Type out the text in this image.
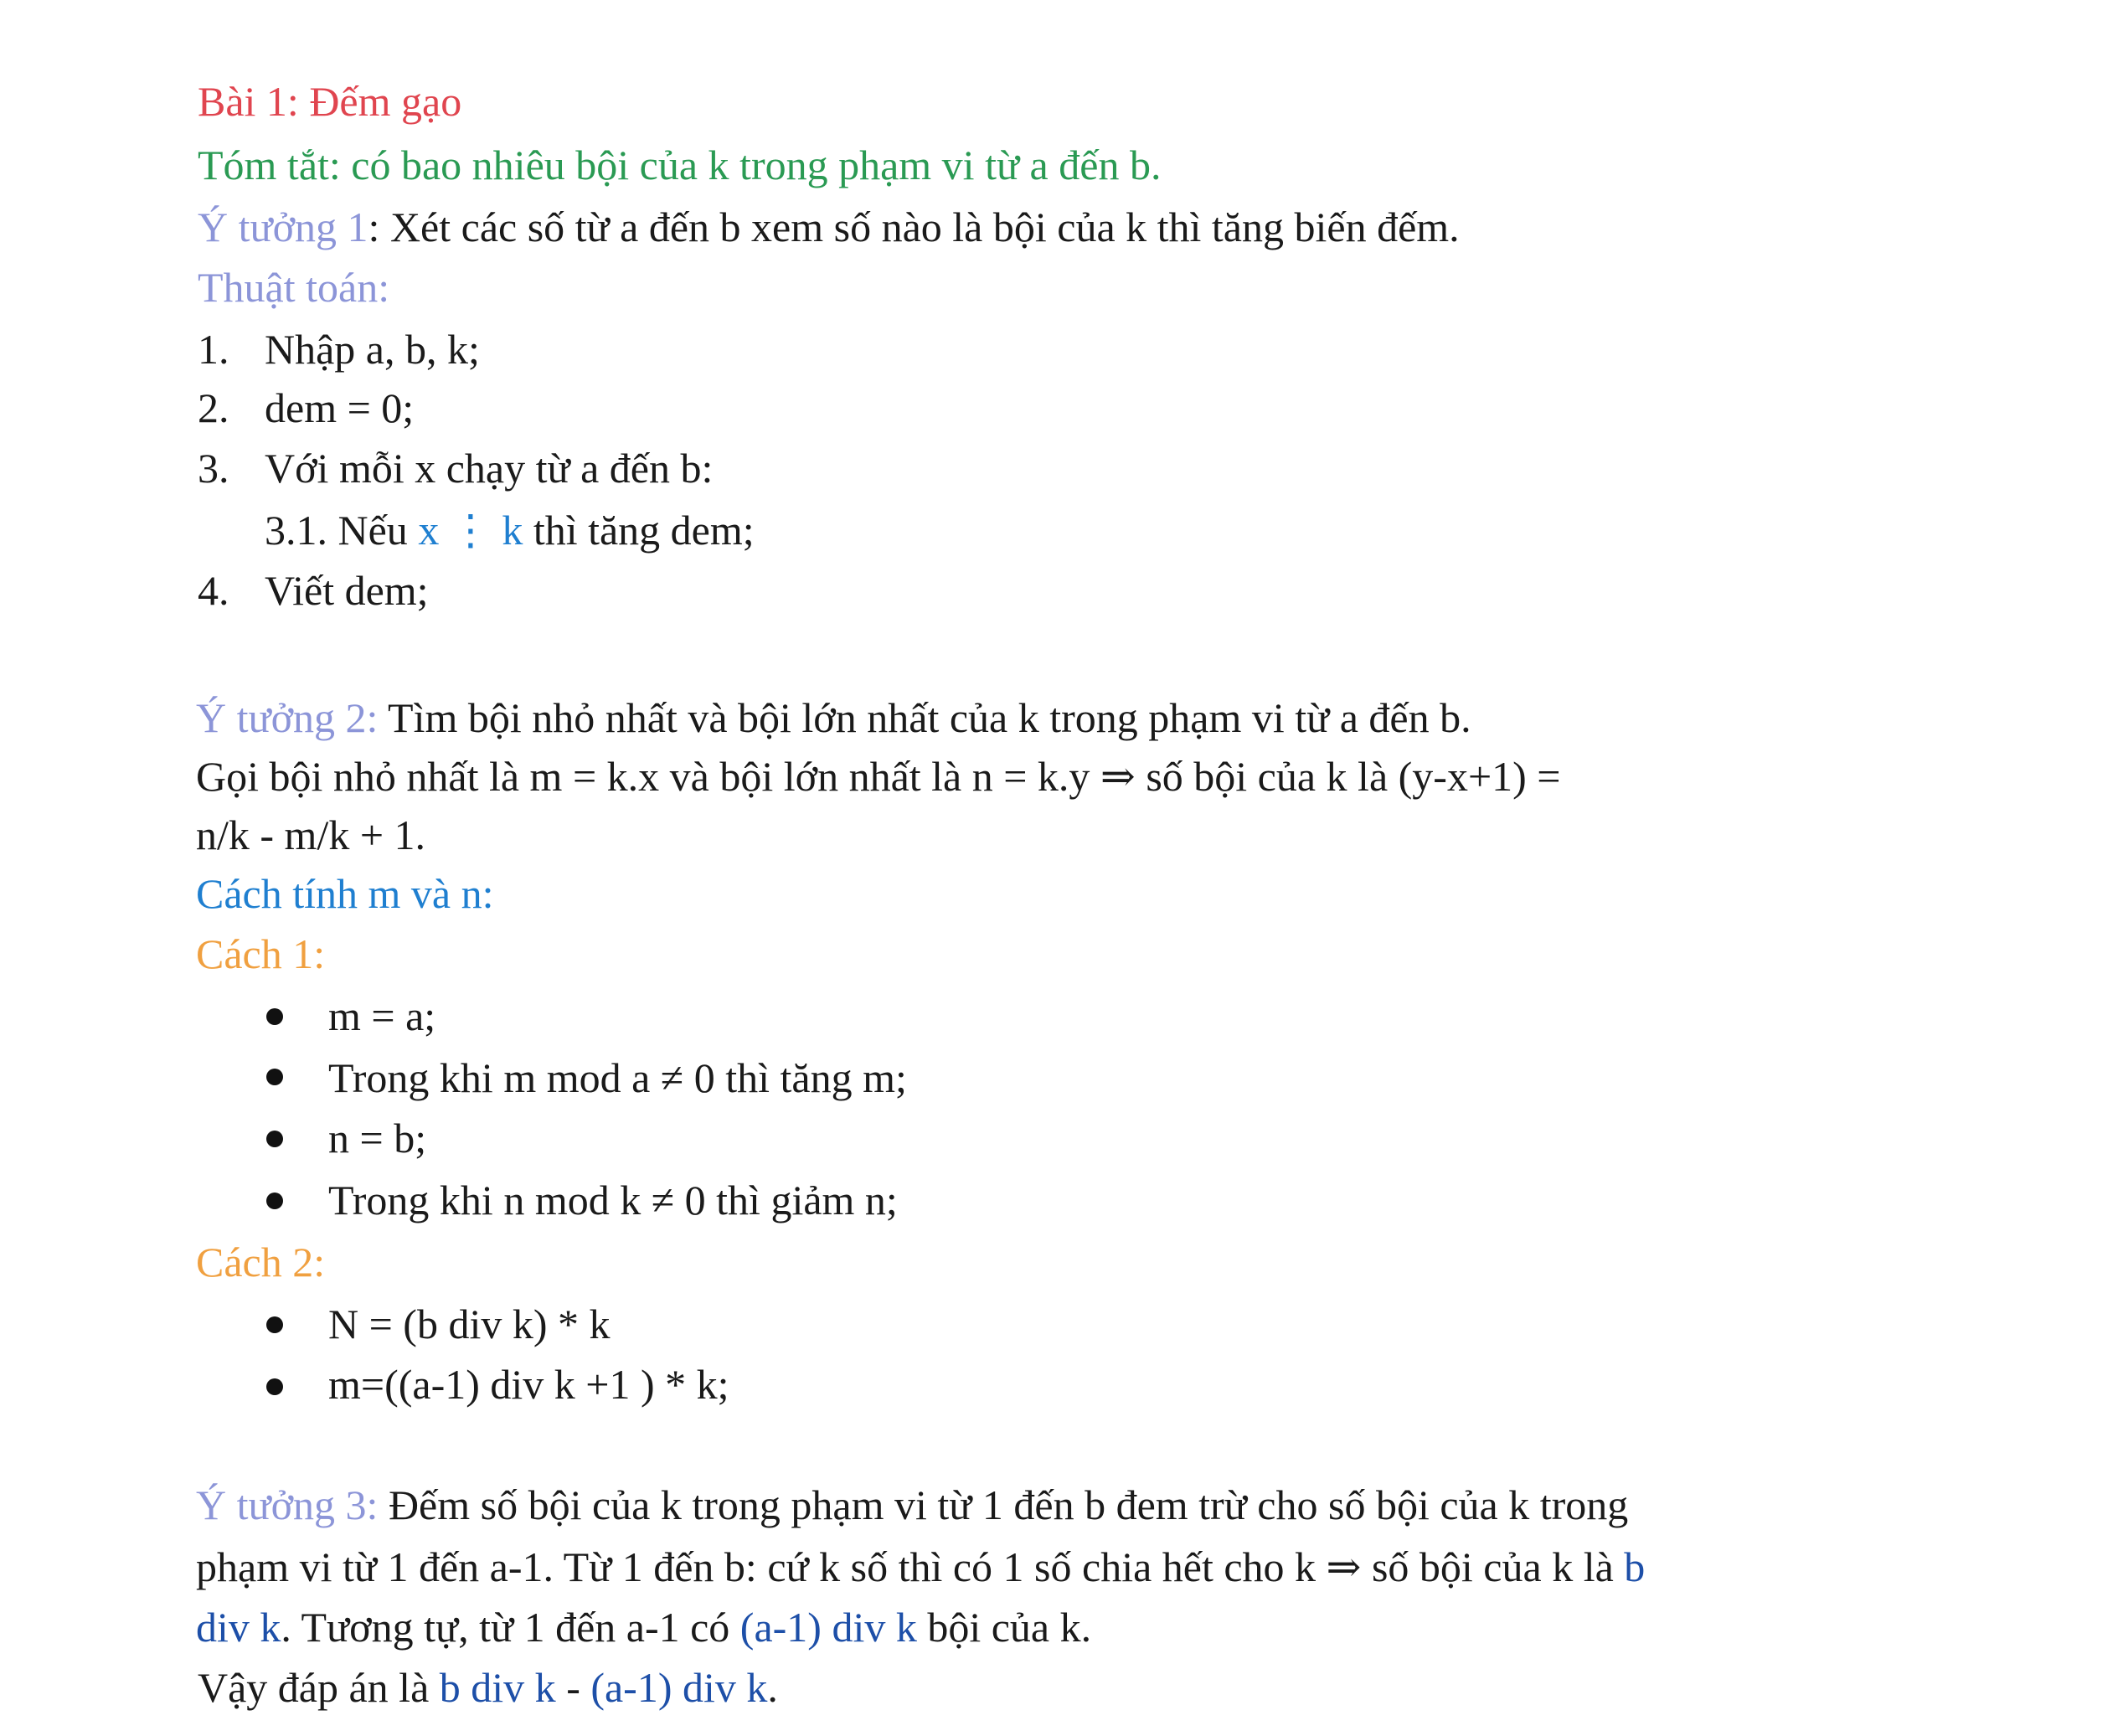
Bài 1: Đếm gạo
Tóm tắt: có bao nhiêu bội của k trong phạm vi từ a đến b.
Ý tưởng 1: Xét các số từ a đến b xem số nào là bội của k thì tăng biến đếm.
Thuật toán:
1. Nhập a, b, k;
2. dem = 0;
3. Với mỗi x chạy từ a đến b:
3.1. Nếu x ⋮ k thì tăng dem;
4. Viết dem;
Ý tưởng 2: Tìm bội nhỏ nhất và bội lớn nhất của k trong phạm vi từ a đến b.
Gọi bội nhỏ nhất là m = k.x và bội lớn nhất là n = k.y ⇒ số bội của k là (y-x+1) =
n/k - m/k + 1.
Cách tính m và n:
Cách 1:
m = a;
Trong khi m mod a ≠ 0 thì tăng m;
n = b;
Trong khi n mod k ≠ 0 thì giảm n;
Cách 2:
N = (b div k) * k
m=((a-1) div k +1 ) * k;
Ý tưởng 3: Đếm số bội của k trong phạm vi từ 1 đến b đem trừ cho số bội của k trong
phạm vi từ 1 đến a-1. Từ 1 đến b: cứ k số thì có 1 số chia hết cho k ⇒ số bội của k là b
div k. Tương tự, từ 1 đến a-1 có (a-1) div k bội của k.
Vậy đáp án là b div k - (a-1) div k.
